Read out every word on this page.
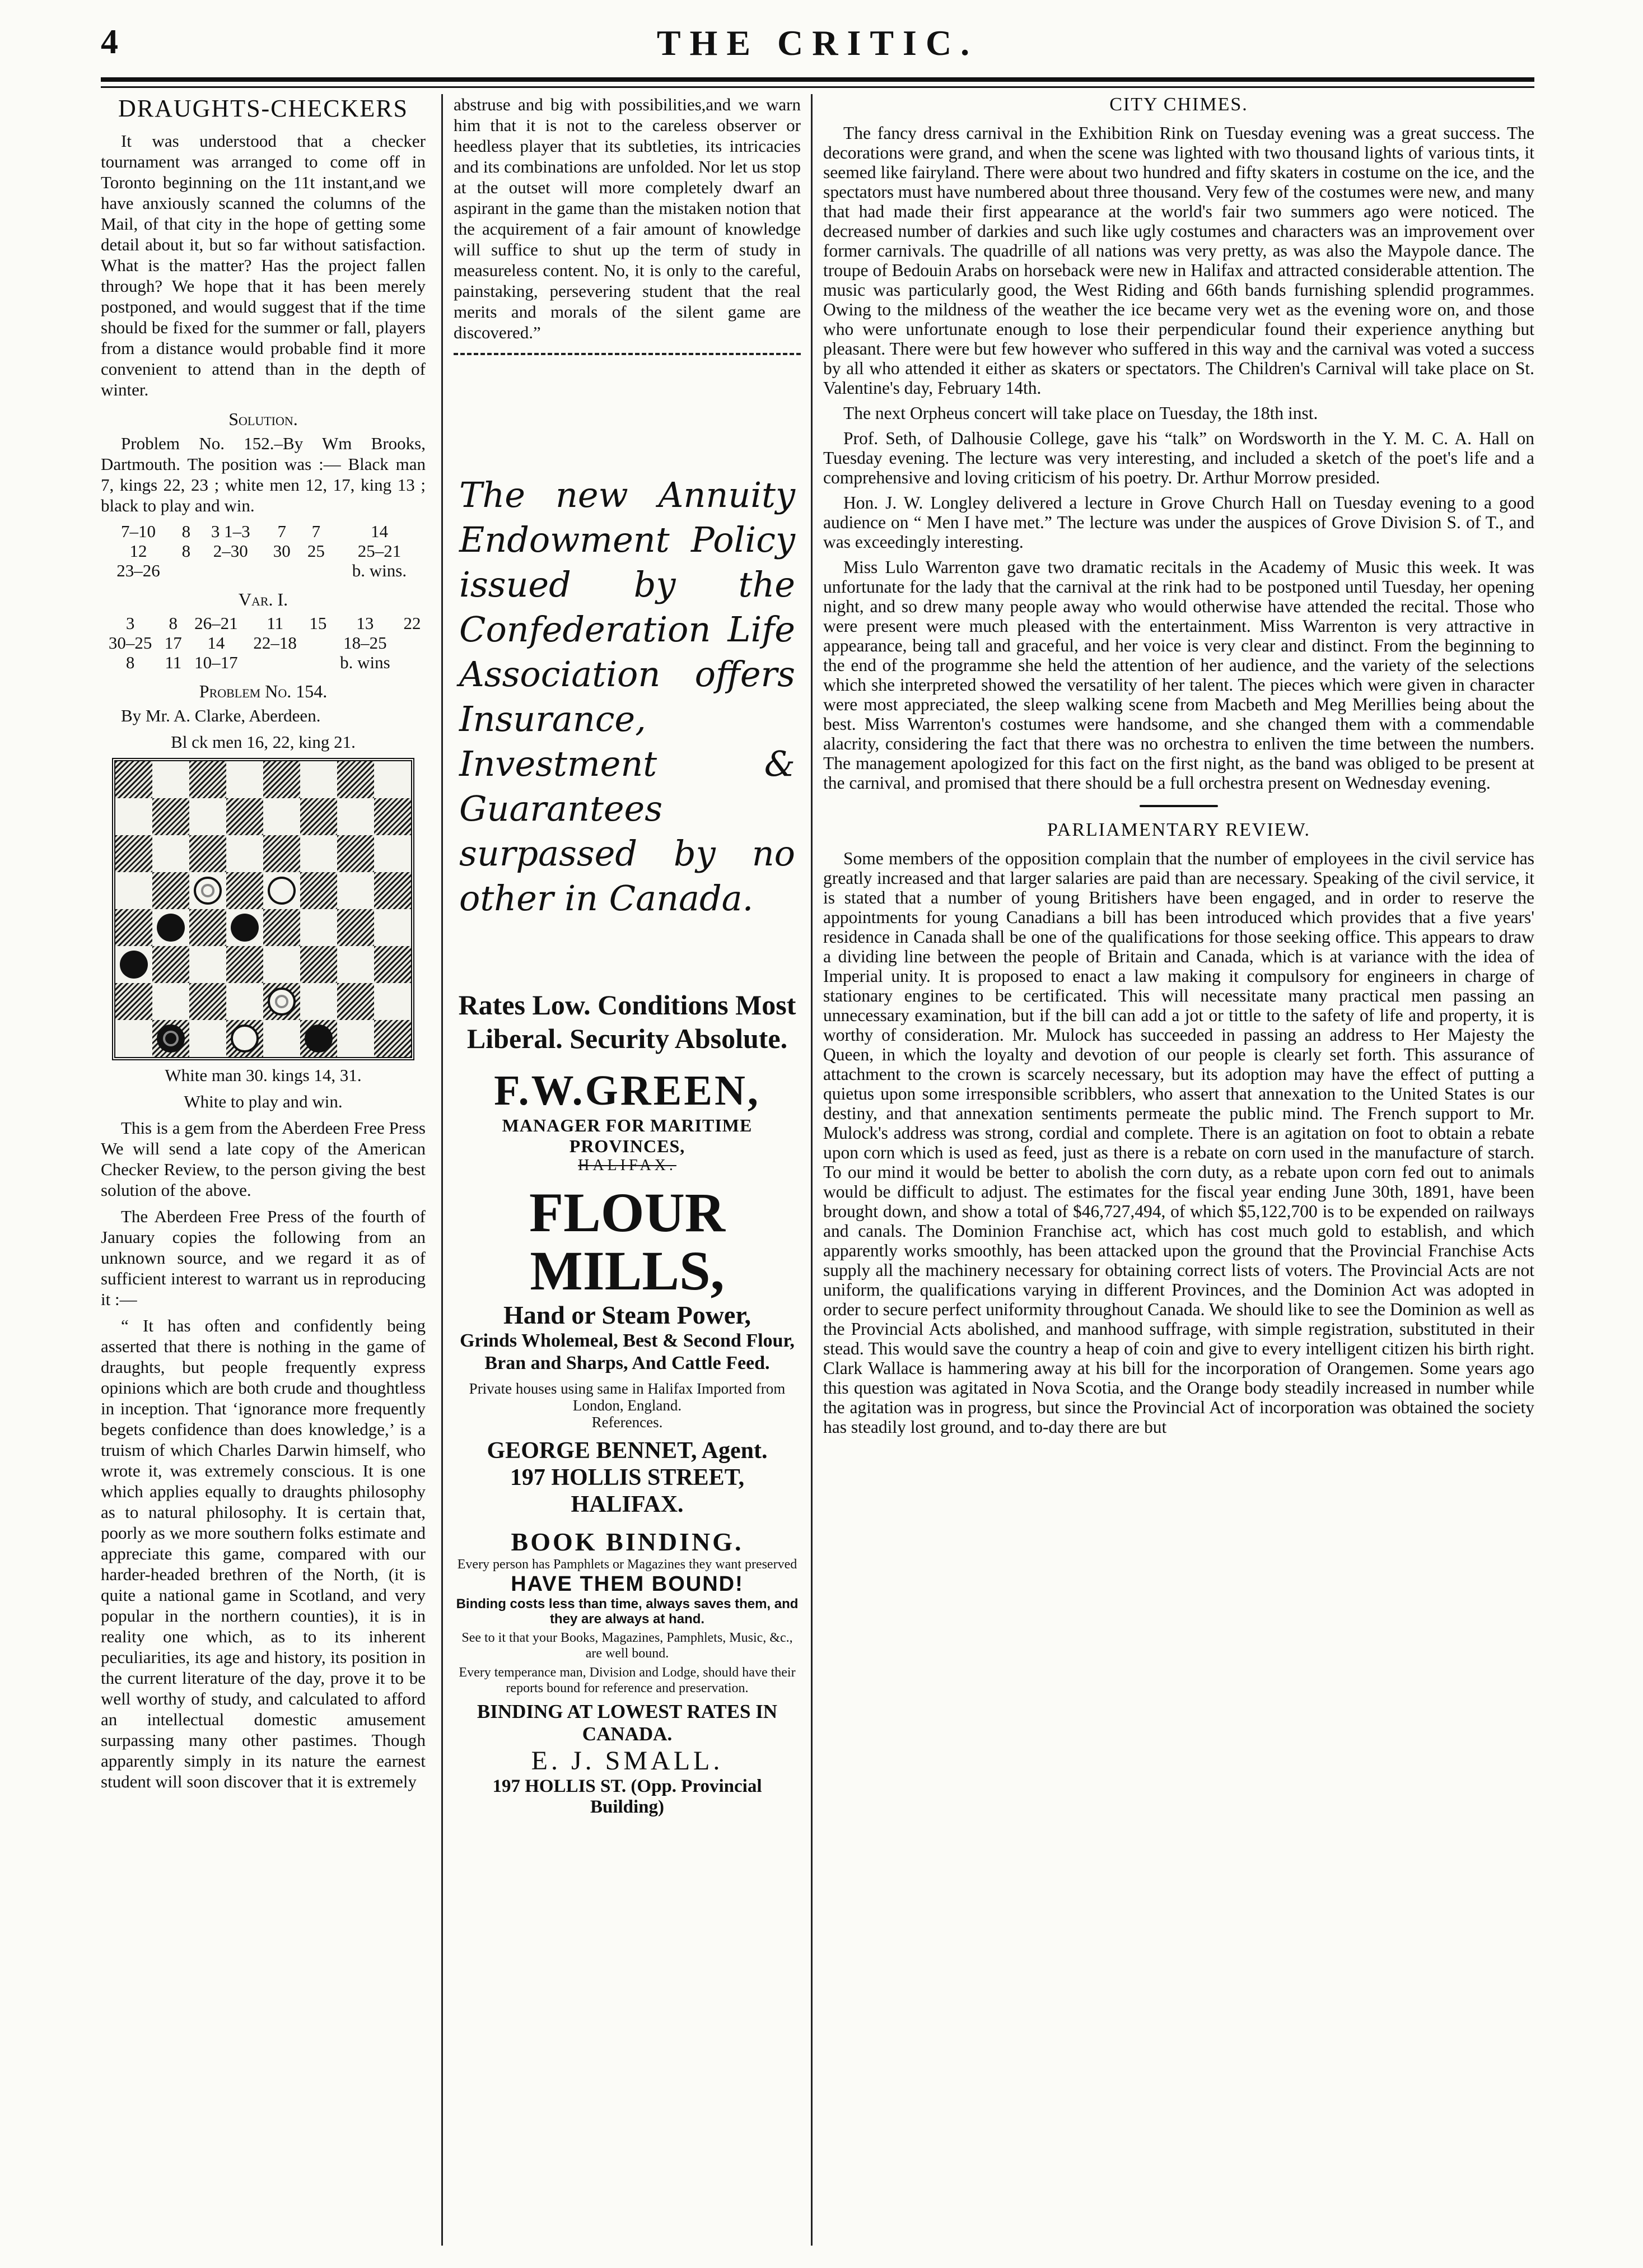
4	THE CRITIC.
DRAUGHTS-CHECKERS

It was understood that a checker tournament was arranged to come off in Toronto beginning on the 11t instant,and we have anxiously scanned the columns of the Mail, of that city in the hope of getting some detail about it, but so far without satisfaction. What is the matter? Has the project fallen through? We hope that it has been merely postponed, and would suggest that if the time should be fixed for the summer or fall, players from a distance would probable find it more convenient to attend than in the depth of winter.

Solution.

Problem No. 152.–By Wm Brooks, Dartmouth. The position was :— Black man 7, kings 22, 23 ; white men 12, 17, king 13 ; black to play and win.

7–10	8	3 1–3	7	7	14
12	8	2–30	30	25	25–21
23–26					b. wins.
Var. I.
3	8	26–21	11	15	13	22
30–25	17	14	22–18		18–25	
8	11	10–17			b. wins	
Problem No. 154.

By Mr. A. Clarke, Aberdeen.

Bl ck men 16, 22, king 21.

White man 30. kings 14, 31.

White to play and win.

This is a gem from the Aberdeen Free Press We will send a late copy of the American Checker Review, to the person giving the best solution of the above.

The Aberdeen Free Press of the fourth of January copies the following from an unknown source, and we regard it as of sufficient interest to warrant us in reproducing it :—

“ It has often and confidently being asserted that there is nothing in the game of draughts, but people frequently express opinions which are both crude and thoughtless in inception. That ‘ignorance more frequently begets confidence than does knowledge,’ is a truism of which Charles Darwin himself, who wrote it, was extremely conscious. It is one which applies equally to draughts philosophy as to natural philosophy. It is certain that, poorly as we more southern folks estimate and appreciate this game, compared with our harder-headed brethren of the North, (it is quite a national game in Scotland, and very popular in the northern counties), it is in reality one which, as to its inherent peculiarities, its age and history, its position in the current literature of the day, prove it to be well worthy of study, and calculated to afford an intellectual domestic amusement surpassing many other pastimes. Though apparently simply in its nature the earnest student will soon discover that it is extremely

abstruse and big with possibilities,and we warn him that it is not to the careless observer or heedless player that its subtleties, its intricacies and its combinations are unfolded. Nor let us stop at the outset will more completely dwarf an aspirant in the game than the mistaken notion that the acquirement of a fair amount of knowledge will suffice to shut up the term of study in measureless content. No, it is only to the careful, painstaking, persevering student that the real merits and morals of the silent game are discovered.”

The new Annuity Endowment Policy issued by the Confederation Life Association offers Insurance, Investment & Guarantees surpassed by no other in Canada.
Rates Low. Conditions Most Liberal. Security Absolute.
F.W.GREEN,
MANAGER FOR MARITIME PROVINCES,
HALIFAX.
FLOUR MILLS,
Hand or Steam Power,
Grinds Wholemeal, Best & Second Flour, Bran and Sharps, And Cattle Feed.
Private houses using same in Halifax Imported from London, England.
References.
GEORGE BENNET, Agent.
197 HOLLIS STREET, HALIFAX.
BOOK BINDING.
Every person has Pamphlets or Magazines they want preserved
HAVE THEM BOUND!
Binding costs less than time, always saves them, and they are always at hand.
See to it that your Books, Magazines, Pamphlets, Music, &c., are well bound.
Every temperance man, Division and Lodge, should have their reports bound for reference and preservation.
BINDING AT LOWEST RATES IN CANADA.
E. J. SMALL.
197 HOLLIS ST. (Opp. Provincial Building)
CITY CHIMES.

The fancy dress carnival in the Exhibition Rink on Tuesday evening was a great success. The decorations were grand, and when the scene was lighted with two thousand lights of various tints, it seemed like fairyland. There were about two hundred and fifty skaters in costume on the ice, and the spectators must have numbered about three thousand. Very few of the costumes were new, and many that had made their first appearance at the world's fair two summers ago were noticed. The decreased number of darkies and such like ugly costumes and characters was an improvement over former carnivals. The quadrille of all nations was very pretty, as was also the Maypole dance. The troupe of Bedouin Arabs on horseback were new in Halifax and attracted considerable attention. The music was particularly good, the West Riding and 66th bands furnishing splendid programmes. Owing to the mildness of the weather the ice became very wet as the evening wore on, and those who were unfortunate enough to lose their perpendicular found their experience anything but pleasant. There were but few however who suffered in this way and the carnival was voted a success by all who attended it either as skaters or spectators. The Children's Carnival will take place on St. Valentine's day, February 14th.

The next Orpheus concert will take place on Tuesday, the 18th inst.

Prof. Seth, of Dalhousie College, gave his “talk” on Wordsworth in the Y. M. C. A. Hall on Tuesday evening. The lecture was very interesting, and included a sketch of the poet's life and a comprehensive and loving criticism of his poetry. Dr. Arthur Morrow presided.

Hon. J. W. Longley delivered a lecture in Grove Church Hall on Tuesday evening to a good audience on “ Men I have met.” The lecture was under the auspices of Grove Division S. of T., and was exceedingly interesting.

Miss Lulo Warrenton gave two dramatic recitals in the Academy of Music this week. It was unfortunate for the lady that the carnival at the rink had to be postponed until Tuesday, her opening night, and so drew many people away who would otherwise have attended the recital. Those who were present were much pleased with the entertainment. Miss Warrenton is very attractive in appearance, being tall and graceful, and her voice is very clear and distinct. From the beginning to the end of the programme she held the attention of her audience, and the variety of the selections which she interpreted showed the versatility of her talent. The pieces which were given in character were most appreciated, the sleep walking scene from Macbeth and Meg Merillies being about the best. Miss Warrenton's costumes were handsome, and she changed them with a commendable alacrity, considering the fact that there was no orchestra to enliven the time between the numbers. The management apologized for this fact on the first night, as the band was obliged to be present at the carnival, and promised that there should be a full orchestra present on Wednesday evening.

PARLIAMENTARY REVIEW.

Some members of the opposition complain that the number of employees in the civil service has greatly increased and that larger salaries are paid than are necessary. Speaking of the civil service, it is stated that a number of young Britishers have been engaged, and in order to reserve the appointments for young Canadians a bill has been introduced which provides that a five years' residence in Canada shall be one of the qualifications for those seeking office. This appears to draw a dividing line between the people of Britain and Canada, which is at variance with the idea of Imperial unity. It is proposed to enact a law making it compulsory for engineers in charge of stationary engines to be certificated. This will necessitate many practical men passing an unnecessary examination, but if the bill can add a jot or tittle to the safety of life and property, it is worthy of consideration. Mr. Mulock has succeeded in passing an address to Her Majesty the Queen, in which the loyalty and devotion of our people is clearly set forth. This assurance of attachment to the crown is scarcely necessary, but its adoption may have the effect of putting a quietus upon some irresponsible scribblers, who assert that annexation to the United States is our destiny, and that annexation sentiments permeate the public mind. The French support to Mr. Mulock's address was strong, cordial and complete. There is an agitation on foot to obtain a rebate upon corn which is used as feed, just as there is a rebate on corn used in the manufacture of starch. To our mind it would be better to abolish the corn duty, as a rebate upon corn fed out to animals would be difficult to adjust. The estimates for the fiscal year ending June 30th, 1891, have been brought down, and show a total of $46,727,494, of which $5,122,700 is to be expended on railways and canals. The Dominion Franchise act, which has cost much gold to establish, and which apparently works smoothly, has been attacked upon the ground that the Provincial Franchise Acts supply all the machinery necessary for obtaining correct lists of voters. The Provincial Acts are not uniform, the qualifications varying in different Provinces, and the Dominion Act was adopted in order to secure perfect uniformity throughout Canada. We should like to see the Dominion as well as the Provincial Acts abolished, and manhood suffrage, with simple registration, substituted in their stead. This would save the country a heap of coin and give to every intelligent citizen his birth right. Clark Wallace is hammering away at his bill for the incorporation of Orangemen. Some years ago this question was agitated in Nova Scotia, and the Orange body steadily increased in number while the agitation was in progress, but since the Provincial Act of incorporation was obtained the society has steadily lost ground, and to-day there are but
